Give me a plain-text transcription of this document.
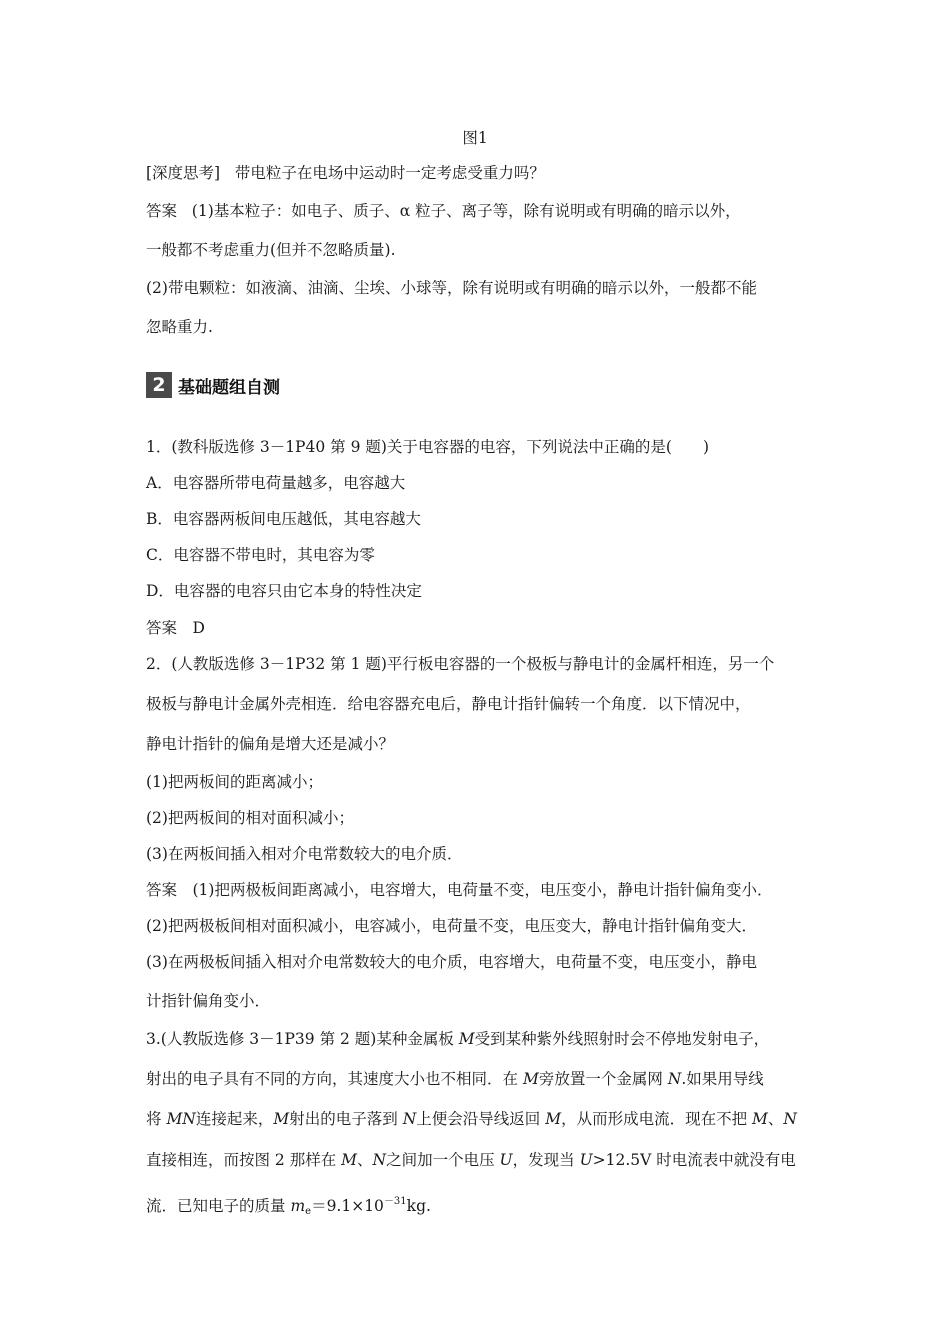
图1
[深度思考] 带电粒子在电场中运动时一定考虑受重力吗？
答案 (1)基本粒子：如电子、质子、α 粒子、离子等，除有说明或有明确的暗示以外，
一般都不考虑重力(但并不忽略质量).
(2)带电颗粒：如液滴、油滴、尘埃、小球等，除有说明或有明确的暗示以外，一般都不能
忽略重力.
2 基础题组自测
1．(教科版选修 3－1P40 第 9 题)关于电容器的电容，下列说法中正确的是(　　)
A．电容器所带电荷量越多，电容越大
B．电容器两板间电压越低，其电容越大
C．电容器不带电时，其电容为零
D．电容器的电容只由它本身的特性决定
答案　D
2．(人教版选修 3－1P32 第 1 题)平行板电容器的一个极板与静电计的金属杆相连，另一个
极板与静电计金属外壳相连．给电容器充电后，静电计指针偏转一个角度．以下情况中，
静电计指针的偏角是增大还是减小？
(1)把两板间的距离减小；
(2)把两板间的相对面积减小；
(3)在两板间插入相对介电常数较大的电介质．
答案　(1)把两极板间距离减小，电容增大，电荷量不变，电压变小，静电计指针偏角变小．
(2)把两极板间相对面积减小，电容减小，电荷量不变，电压变大，静电计指针偏角变大．
(3)在两极板间插入相对介电常数较大的电介质，电容增大，电荷量不变，电压变小，静电
计指针偏角变小．
3.(人教版选修 3－1P39 第 2 题)某种金属板 M受到某种紫外线照射时会不停地发射电子，
射出的电子具有不同的方向，其速度大小也不相同．在 M旁放置一个金属网 N.如果用导线
将 MN连接起来，M射出的电子落到 N上便会沿导线返回 M，从而形成电流．现在不把 M、N
直接相连，而按图 2 那样在 M、N之间加一个电压 U，发现当 U>12.5V 时电流表中就没有电
流．已知电子的质量 $m_e=9.1\times 10^{-31}kg$.
